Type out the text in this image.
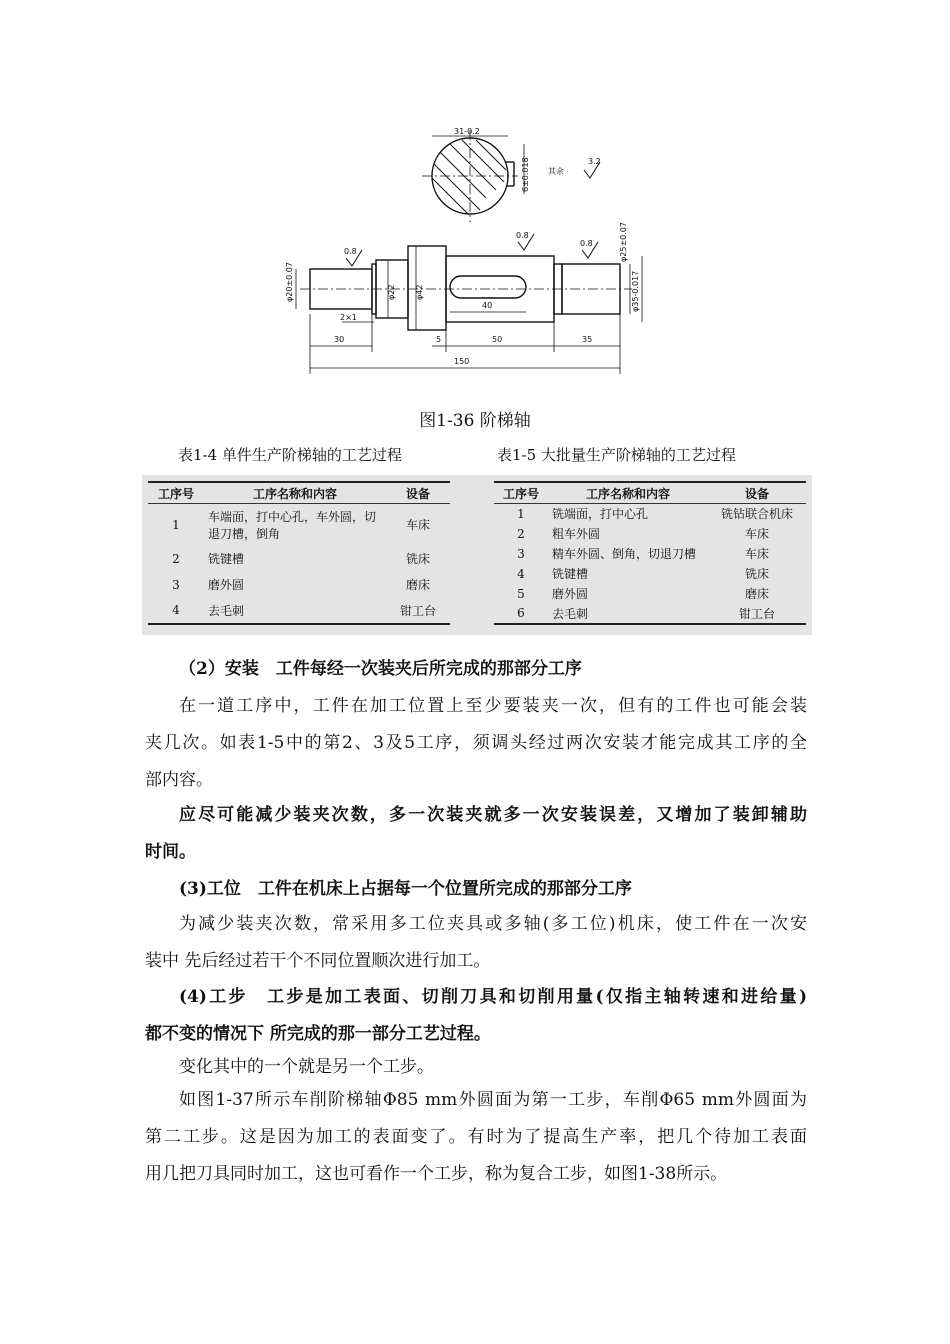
31-0.2
6±0.018 其余
3.2
0.8
0.8
0.8
φ20±0.07	φ22 φ42
φ25±0.07
φ35-0.017
2×1
40
30	5	50	35
150
图1-36 阶梯轴
表1-4 单件生产阶梯轴的工艺过程	表1-5 大批量生产阶梯轴的工艺过程
工序号	工序名称和内容	设备
1	车端面，打中心孔，车外圆，切退刀槽，倒角	车床
2	铣键槽	铣床
3	磨外圆	磨床
4	去毛刺	钳工台
工序号	工序名称和内容	设备
1	铣端面，打中心孔	铣钻联合机床
2	粗车外圆	车床
3	精车外圆、倒角，切退刀槽	车床
4	铣键槽	铣床
5	磨外圆	磨床
6	去毛刺	钳工台
（2）安装　工件每经一次装夹后所完成的那部分工序
在一道工序中，工件在加工位置上至少要装夹一次，但有的工件也可能会装
夹几次。如表1-5中的第2、3及5工序，须调头经过两次安装才能完成其工序的全
部内容。
应尽可能减少装夹次数，多一次装夹就多一次安装误差，又增加了装卸辅助
时间。
(3)工位　工件在机床上占据每一个位置所完成的那部分工序
为减少装夹次数，常采用多工位夹具或多轴(多工位)机床，使工件在一次安
装中 先后经过若干个不同位置顺次进行加工。
(4)工步　工步是加工表面、切削刀具和切削用量(仅指主轴转速和进给量)
都不变的情况下 所完成的那一部分工艺过程。
变化其中的一个就是另一个工步。
如图1-37所示车削阶梯轴Φ85 mm外圆面为第一工步，车削Φ65 mm外圆面为
第二工步。这是因为加工的表面变了。有时为了提高生产率，把几个待加工表面
用几把刀具同时加工，这也可看作一个工步，称为复合工步，如图1-38所示。
